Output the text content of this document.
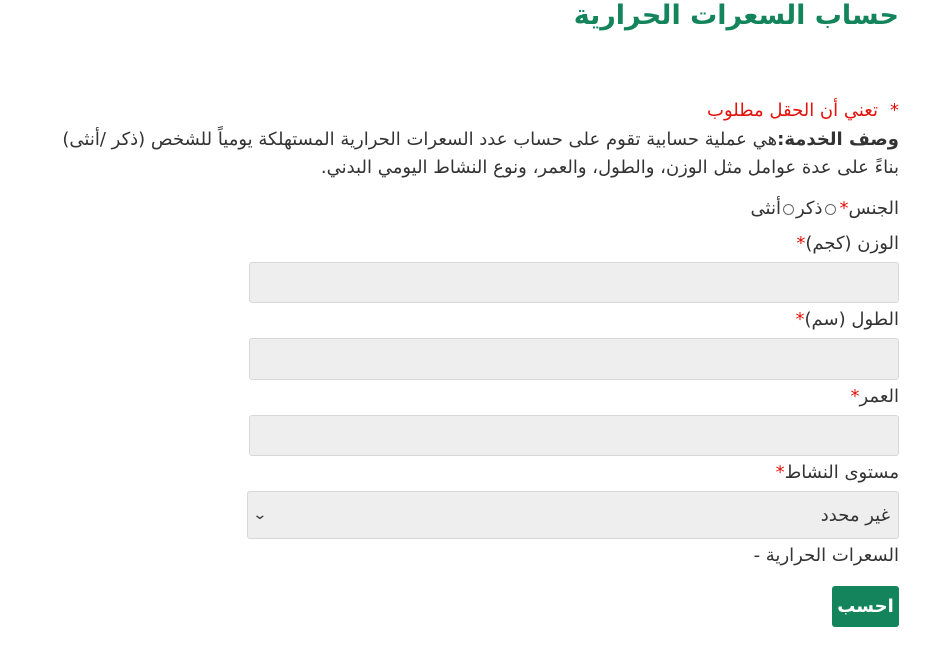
حساب السعرات الحرارية
*تعني أن الحقل مطلوب
وصف الخدمة:هي عملية حسابية تقوم على حساب عدد السعرات الحرارية المستهلكة يومياً للشخص (ذكر /أنثى) بناءً على عدة عوامل مثل الوزن، والطول، والعمر، ونوع النشاط اليومي البدني.
الجنس
*
ذكر
أنثى
الوزن (كجم)*
الطول (سم)*
العمر*
مستوى النشاط*
غير محدد
⌄
السعرات الحرارية -
احسب
